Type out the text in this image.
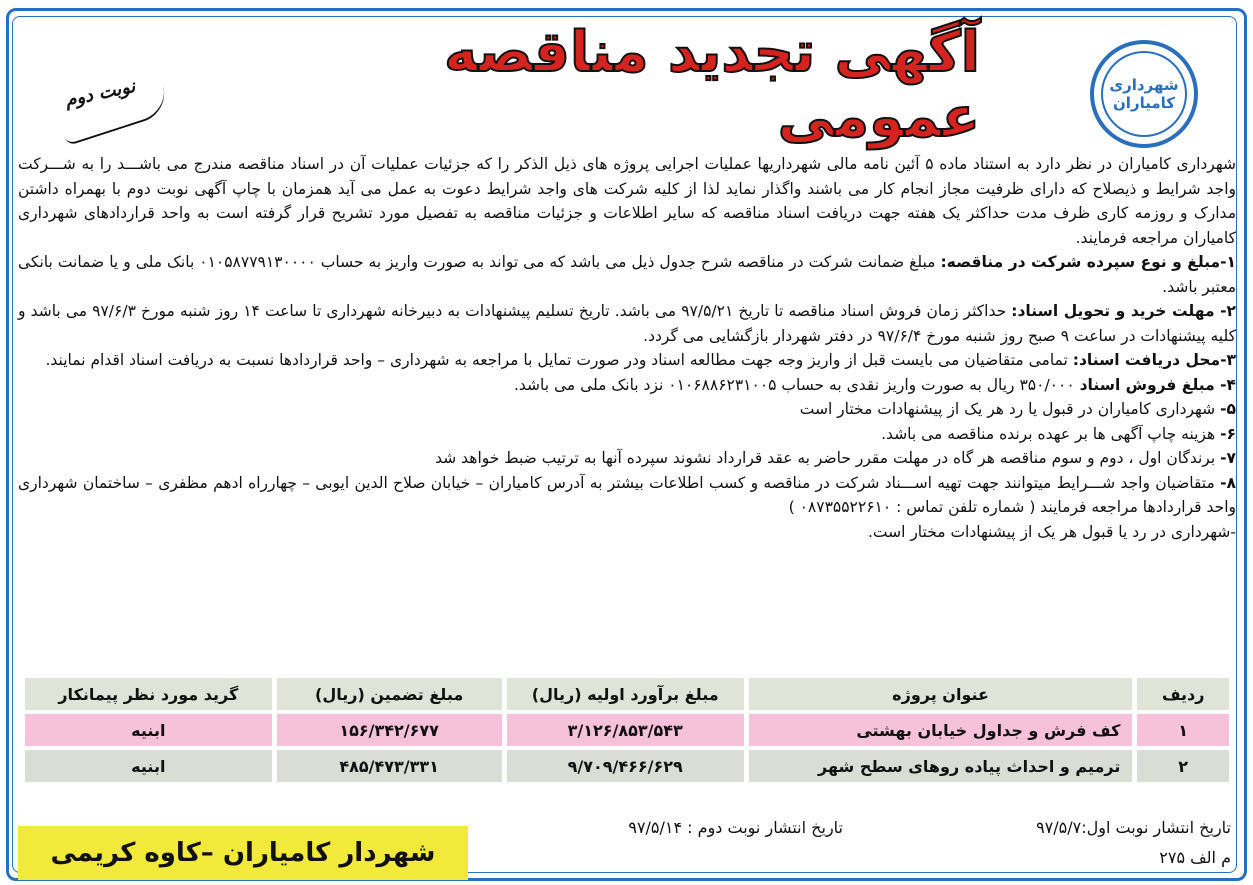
شهرداری کامیاران
آگهی تجدید مناقصه عمومی
نوبت دوم

شهرداری کامیاران در نظر دارد به استناد ماده ۵ آئین نامه مالی شهرداریها عملیات اجرایی پروژه های ذیل الذکر را که جزئیات عملیات آن در اسناد مناقصه مندرج می باشـــد را به شـــرکت واجد شرایط و ذیصلاح که دارای ظرفیت مجاز انجام کار می باشند واگذار نماید لذا از کلیه شرکت های واجد شرایط دعوت به عمل می آید همزمان با چاپ آگهی نوبت دوم با بهمراه داشتن مدارک و روزمه کاری ظرف مدت حداکثر یک هفته جهت دریافت اسناد مناقصه که سایر اطلاعات و جزئیات مناقصه به تفصیل مورد تشریح قرار گرفته است به واحد قراردادهای شهرداری کامیاران مراجعه فرمایند.

۱-مبلغ و نوع سپرده شرکت در مناقصه: مبلغ ضمانت شرکت در مناقصه شرح جدول ذیل می باشد که می تواند به صورت واریز به حساب ۰۱۰۵۸۷۷۹۱۳۰۰۰۰ بانک ملی و یا ضمانت بانکی معتبر باشد.

۲- مهلت خرید و تحویل اسناد: حداکثر زمان فروش اسناد مناقصه تا تاریخ ۹۷/۵/۲۱ می باشد. تاریخ تسلیم پیشنهادات به دبیرخانه شهرداری تا ساعت ۱۴ روز شنبه مورخ ۹۷/۶/۳ می باشد و کلیه پیشنهادات در ساعت ۹ صبح روز شنبه مورخ ۹۷/۶/۴ در دفتر شهردار بازگشایی می گردد.

۳-محل دریافت اسناد: تمامی متقاضیان می بایست قبل از واریز وجه جهت مطالعه اسناد ودر صورت تمایل با مراجعه به شهرداری – واحد قراردادها نسبت به دریافت اسناد اقدام نمایند.

۴- مبلغ فروش اسناد ۳۵۰/۰۰۰ ریال به صورت واریز نقدی به حساب ۰۱۰۶۸۸۶۲۳۱۰۰۵ نزد بانک ملی می باشد.

۵- شهرداری کامیاران در قبول یا رد هر یک از پیشنهادات مختار است

۶- هزینه چاپ آگهی ها بر عهده برنده مناقصه می باشد.

۷- برندگان اول ، دوم و سوم مناقصه هر گاه در مهلت مقرر حاضر به عقد قرارداد نشوند سپرده آنها به ترتیب ضبط خواهد شد

۸- متقاضیان واجد شـــرایط میتوانند جهت تهیه اســـناد شرکت در مناقصه و کسب اطلاعات بیشتر به آدرس کامیاران – خیابان صلاح الدین ایوبی – چهارراه ادهم مظفری – ساختمان شهرداری واحد قراردادها مراجعه فرمایند ( شماره تلفن تماس : ۰۸۷۳۵۵۲۲۶۱۰ )

-شهرداری در رد یا قبول هر یک از پیشنهادات مختار است.

ردیف	عنوان پروژه	مبلغ برآورد اولیه (ریال)	مبلغ تضمین (ریال)	گرید مورد نظر پیمانکار
۱	کف فرش و جداول خیابان بهشتی	۳/۱۲۶/۸۵۳/۵۴۳	۱۵۶/۳۴۲/۶۷۷	ابنیه
۲	ترمیم و احداث پیاده روهای سطح شهر	۹/۷۰۹/۴۶۶/۶۲۹	۴۸۵/۴۷۳/۳۳۱	ابنیه
تاریخ انتشار نوبت اول:۹۷/۵/۷
تاریخ انتشار نوبت دوم : ۹۷/۵/۱۴
م الف ۲۷۵
شهردار کامیاران –کاوه کریمی
